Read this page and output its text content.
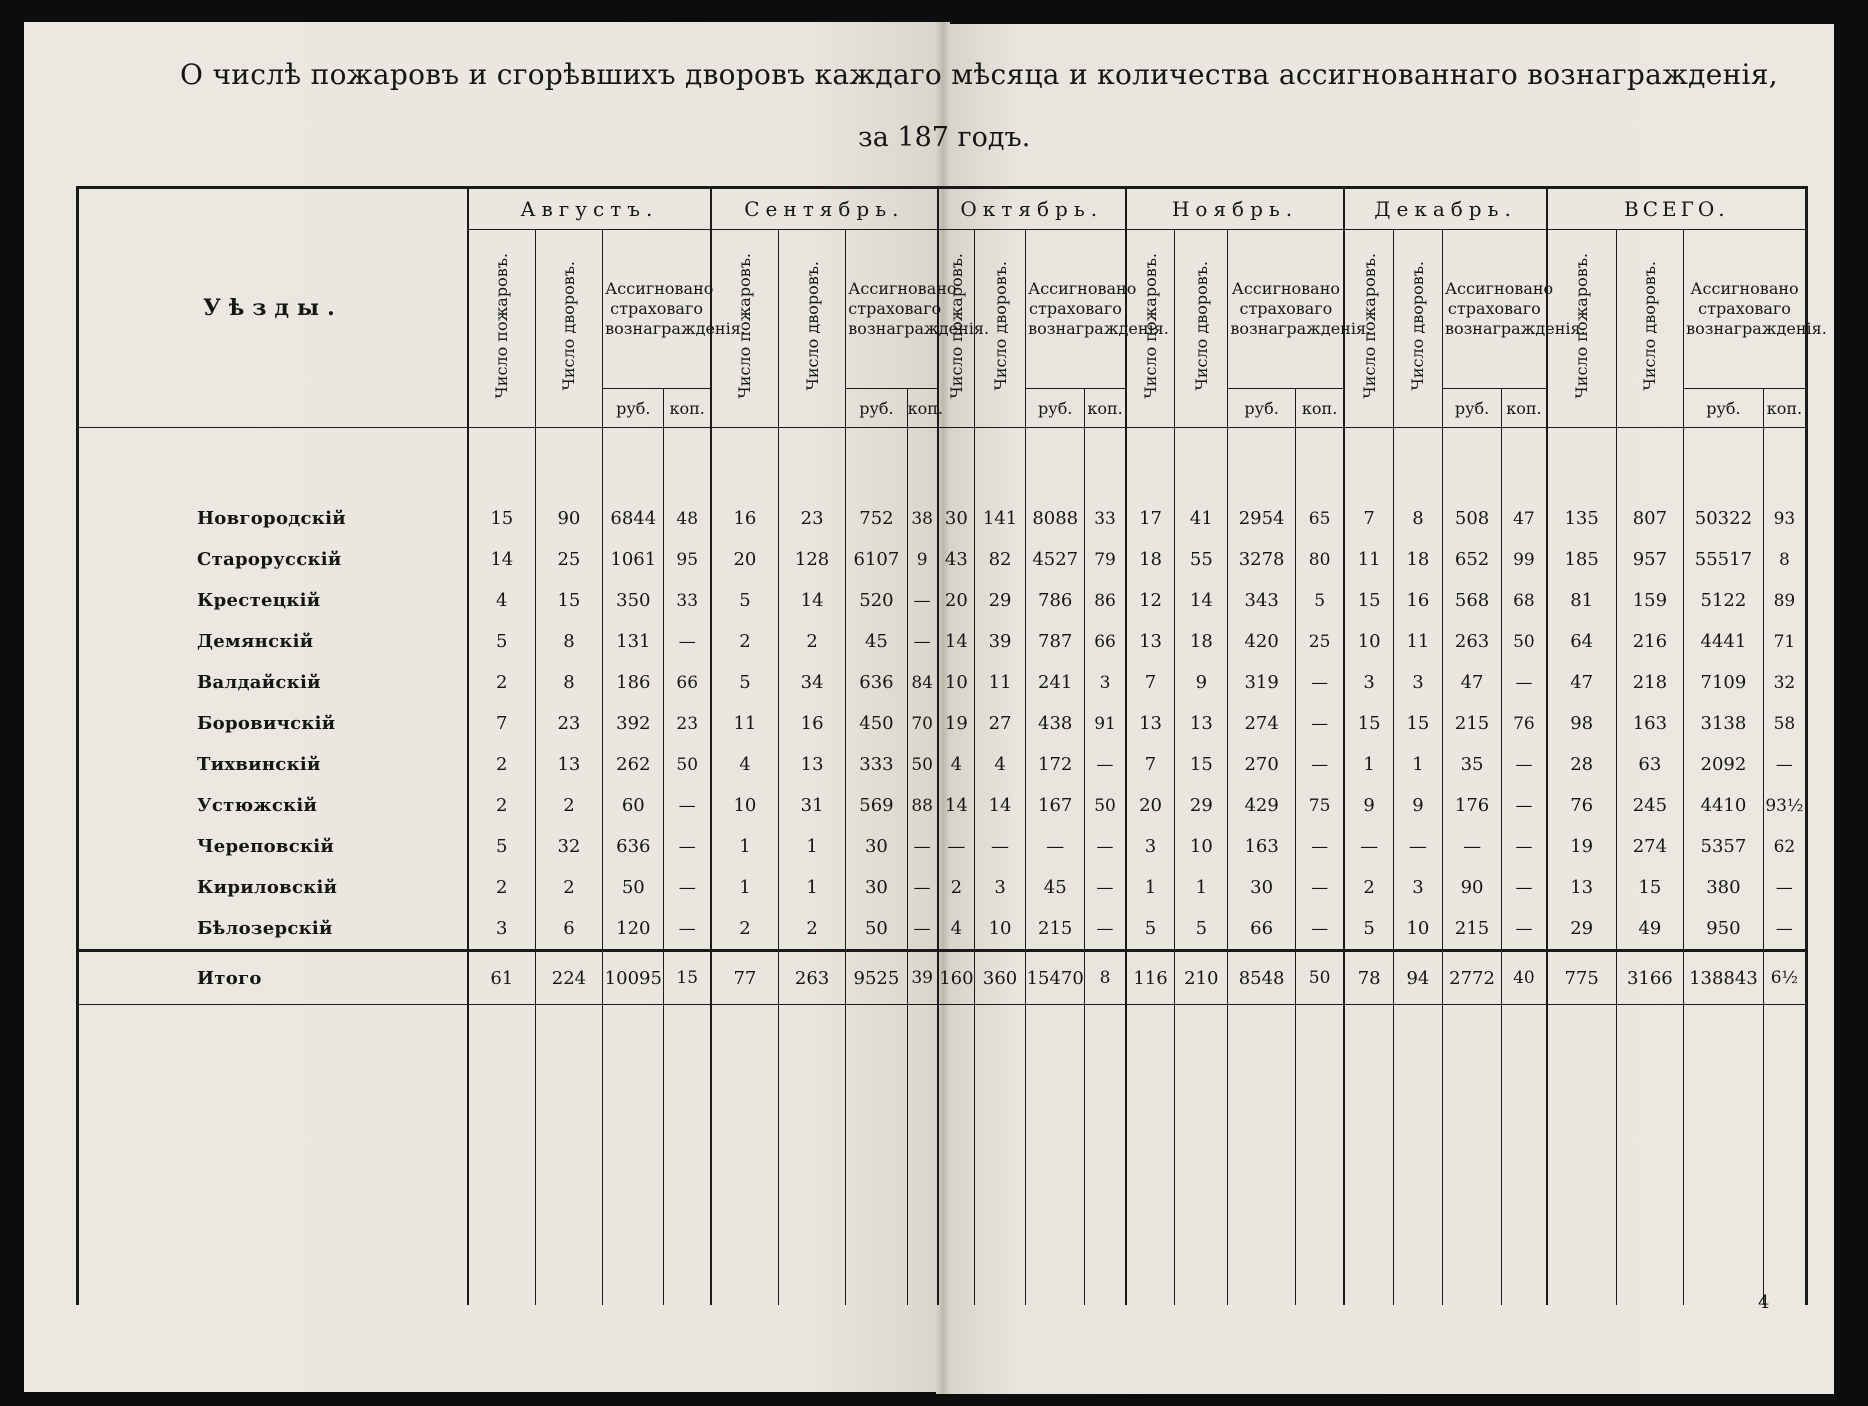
О числѣ пожаровъ и сгорѣвшихъ дворовъ каждаго мѣсяца и количества ассигнованнаго вознагражденія,
за 187 годъ.
Уѣзды.	Августъ.				Сентябрь.				Октябрь.				Ноябрь.				Декабрь.				ВСЕГО.			
	Число пожаровъ.	Число дворовъ.	Ассигновано страховаго вознагражденія.		Число пожаровъ.	Число дворовъ.	Ассигновано страховаго вознагражденія.		Число пожаровъ.	Число дворовъ.	Ассигновано страховаго вознагражденія.		Число пожаровъ.	Число дворовъ.	Ассигновано страховаго вознагражденія.		Число пожаровъ.	Число дворовъ.	Ассигновано страховаго вознагражденія.		Число пожаровъ.	Число дворовъ.	Ассигновано страховаго вознагражденія.	
			руб.	коп.			руб.	коп.			руб.	коп.			руб.	коп.			руб.	коп.			руб.	коп.

Новгородскій	15	90	6844	48	16	23	752	38	30	141	8088	33	17	41	2954	65	7	8	508	47	135	807	50322	93
Старорусскій	14	25	1061	95	20	128	6107	9	43	82	4527	79	18	55	3278	80	11	18	652	99	185	957	55517	8
Крестецкій	4	15	350	33	5	14	520	—	20	29	786	86	12	14	343	5	15	16	568	68	81	159	5122	89
Демянскій	5	8	131	—	2	2	45	—	14	39	787	66	13	18	420	25	10	11	263	50	64	216	4441	71
Валдайскій	2	8	186	66	5	34	636	84	10	11	241	3	7	9	319	—	3	3	47	—	47	218	7109	32
Боровичскій	7	23	392	23	11	16	450	70	19	27	438	91	13	13	274	—	15	15	215	76	98	163	3138	58
Тихвинскій	2	13	262	50	4	13	333	50	4	4	172	—	7	15	270	—	1	1	35	—	28	63	2092	—
Устюжскій	2	2	60	—	10	31	569	88	14	14	167	50	20	29	429	75	9	9	176	—	76	245	4410	93½
Череповскій	5	32	636	—	1	1	30	—	—	—	—	—	3	10	163	—	—	—	—	—	19	274	5357	62
Кириловскій	2	2	50	—	1	1	30	—	2	3	45	—	1	1	30	—	2	3	90	—	13	15	380	—
Бѣлозерскій	3	6	120	—	2	2	50	—	4	10	215	—	5	5	66	—	5	10	215	—	29	49	950	—
Итого	61	224	10095	15	77	263	9525	39	160	360	15470	8	116	210	8548	50	78	94	2772	40	775	3166	138843	6½

4
